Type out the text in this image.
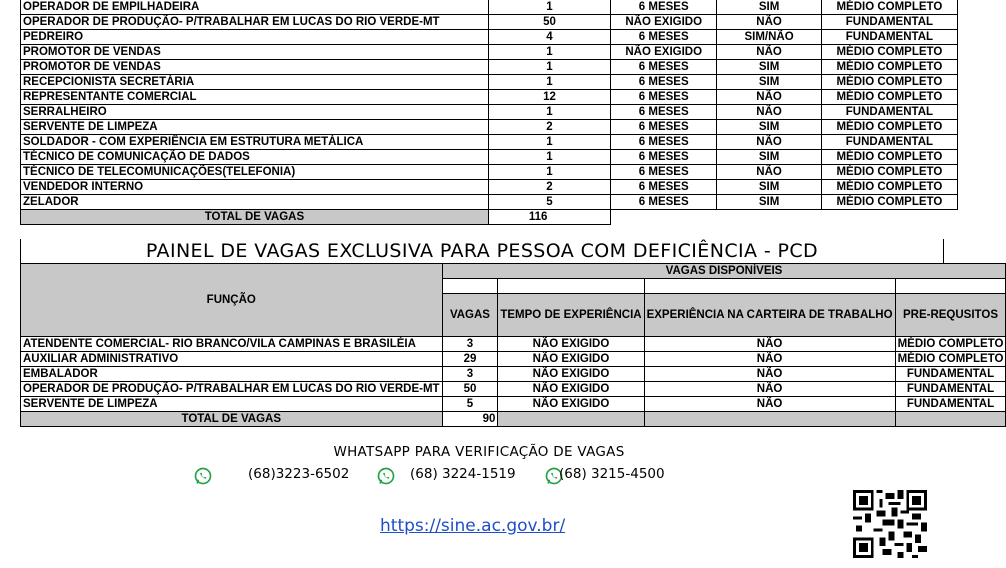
OPERADOR DE EMPILHADEIRA	1	6 MESES	SIM	MÉDIO COMPLETO
OPERADOR DE PRODUÇÃO- P/TRABALHAR EM LUCAS DO RIO VERDE-MT	50	NÃO EXIGIDO	NÃO	FUNDAMENTAL
PEDREIRO	4	6 MESES	SIM/NÃO	FUNDAMENTAL
PROMOTOR DE VENDAS	1	NÃO EXIGIDO	NÃO	MÉDIO COMPLETO
PROMOTOR DE VENDAS	1	6 MESES	SIM	MÉDIO COMPLETO
RECEPCIONISTA SECRETÁRIA	1	6 MESES	SIM	MÉDIO COMPLETO
REPRESENTANTE COMERCIAL	12	6 MESES	NÃO	MÉDIO COMPLETO
SERRALHEIRO	1	6 MESES	NÃO	FUNDAMENTAL
SERVENTE DE LIMPEZA	2	6 MESES	SIM	MÉDIO COMPLETO
SOLDADOR - COM EXPERIÊNCIA EM ESTRUTURA METÁLICA	1	6 MESES	NÃO	FUNDAMENTAL
TÉCNICO DE COMUNICAÇÃO DE DADOS	1	6 MESES	SIM	MÉDIO COMPLETO
TÉCNICO DE TELECOMUNICAÇÕES(TELEFONIA)	1	6 MESES	NÃO	MÉDIO COMPLETO
VENDEDOR INTERNO	2	6 MESES	SIM	MÉDIO COMPLETO
ZELADOR	5	6 MESES	SIM	MÉDIO COMPLETO
TOTAL DE VAGAS	116			
PAINEL DE VAGAS EXCLUSIVA PARA PESSOA COM DEFICIÊNCIA - PCD
FUNÇÃO	VAGAS DISPONÍVEIS			

	VAGAS	TEMPO DE EXPERIÊNCIA	EXPERIÊNCIA NA CARTEIRA DE TRABALHO	PRE-REQUSITOS
ATENDENTE COMERCIAL- RIO BRANCO/VILA CAMPINAS E BRASILÉIA	3	NÃO EXIGIDO	NÃO	MÉDIO COMPLETO
AUXILIAR ADMINISTRATIVO	29	NÃO EXIGIDO	NÃO	MÉDIO COMPLETO
EMBALADOR	3	NÃO EXIGIDO	NÃO	FUNDAMENTAL
OPERADOR DE PRODUÇÃO- P/TRABALHAR EM LUCAS DO RIO VERDE-MT	50	NÃO EXIGIDO	NÃO	FUNDAMENTAL
SERVENTE DE LIMPEZA	5	NÃO EXIGIDO	NÃO	FUNDAMENTAL
TOTAL DE VAGAS	90			
WHATSAPP PARA VERIFICAÇÃO DE VAGAS
(68)3223-6502	(68) 3224-1519	(68) 3215-4500
https://sine.ac.gov.br/
